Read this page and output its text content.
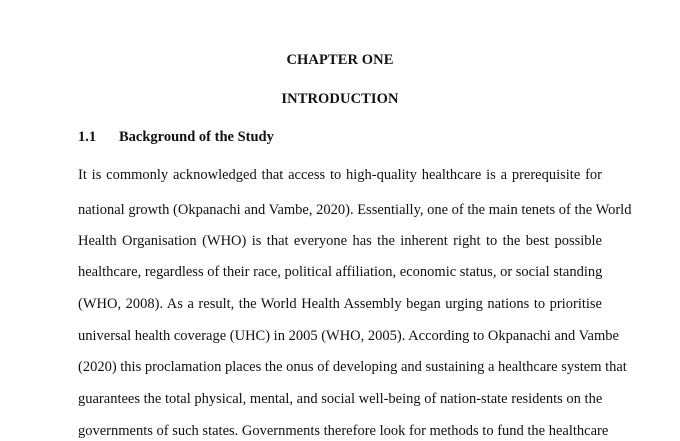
CHAPTER ONE
INTRODUCTION
1.1 Background of the Study
It is commonly acknowledged that access to high-quality healthcare is a prerequisite for
national growth (Okpanachi and Vambe, 2020). Essentially, one of the main tenets of the World
Health Organisation (WHO) is that everyone has the inherent right to the best possible
healthcare, regardless of their race, political affiliation, economic status, or social standing
(WHO, 2008). As a result, the World Health Assembly began urging nations to prioritise
universal health coverage (UHC) in 2005 (WHO, 2005). According to Okpanachi and Vambe
(2020) this proclamation places the onus of developing and sustaining a healthcare system that
guarantees the total physical, mental, and social well-being of nation-state residents on the
governments of such states. Governments therefore look for methods to fund the healthcare
